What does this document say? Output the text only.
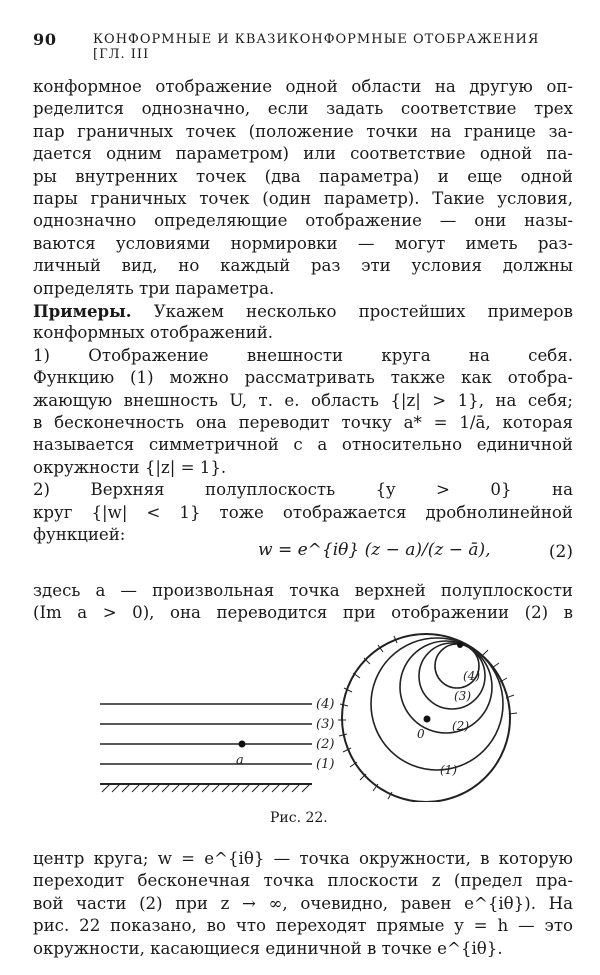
90	КОНФОРМНЫЕ И КВАЗИКОНФОРМНЫЕ ОТОБРАЖЕНИЯ [ГЛ. III
конформное отображение одной области на другую оп-
ределится однозначно, если задать соответствие трех
пар граничных точек (положение точки на границе за-
дается одним параметром) или соответствие одной па-
ры внутренних точек (два параметра) и еще одной
пары граничных точек (один параметр). Такие условия,
однозначно определяющие отображение — они назы-
ваются условиями нормировки — могут иметь раз-
личный вид, но каждый раз эти условия должны
определять три параметра.
Примеры. Укажем несколько простейших примеров
конформных отображений.
1) Отображение внешности круга на себя.
Функцию (1) можно рассматривать также как отобра-
жающую внешность U, т. е. область {|z| > 1}, на себя;
в бесконечность она переводит точку a* = 1/ā, которая
называется симметричной с a относительно единичной
окружности {|z| = 1}.
2) Верхняя полуплоскость {y > 0} на
круг {|w| < 1} тоже отображается дробнолинейной
функцией:
w = e^{iθ} (z − a)/(z − ā),	(2)
здесь a — произвольная точка верхней полуплоскости
(Im a > 0), она переводится при отображении (2) в
(4)
(3)
(2)
(1)
a
(4)
(3)
(2)
(1)
0
Рис. 22.
центр круга; w = e^{iθ} — точка окружности, в которую
переходит бесконечная точка плоскости z (предел пра-
вой части (2) при z → ∞, очевидно, равен e^{iθ}). На
рис. 22 показано, во что переходят прямые y = h — это
окружности, касающиеся единичной в точке e^{iθ}.
